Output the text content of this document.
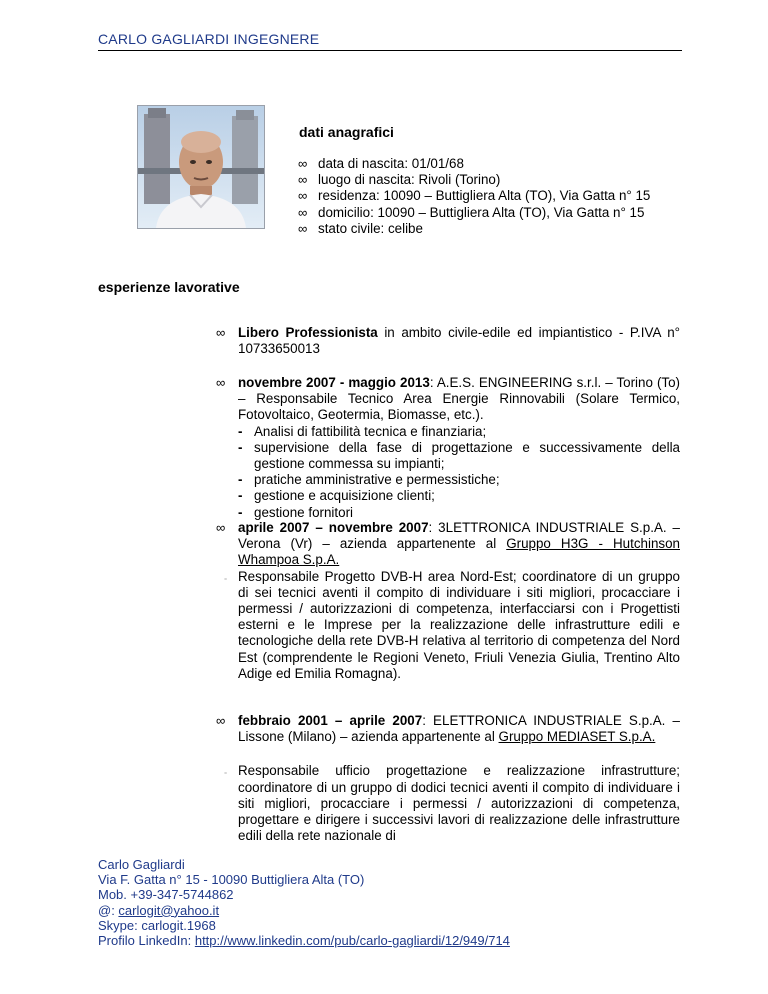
CARLO GAGLIARDI INGEGNERE
dati anagrafici
∞ data di nascita: 01/01/68
∞ luogo di nascita: Rivoli (Torino)
∞ residenza: 10090 – Buttigliera Alta (TO), Via Gatta n° 15
∞ domicilio: 10090 – Buttigliera Alta (TO), Via Gatta n° 15
∞ stato civile: celibe
esperienze lavorative
∞ Libero Professionista in ambito civile-edile ed impiantistico - P.IVA n° 10733650013
∞ novembre 2007 - maggio 2013: A.E.S. ENGINEERING s.r.l. – Torino (To) – Responsabile Tecnico Area Energie Rinnovabili (Solare Termico, Fotovoltaico, Geotermia, Biomasse, etc.).
- Analisi di fattibilità tecnica e finanziaria;
- supervisione della fase di progettazione e successivamente della gestione commessa su impianti;
- pratiche amministrative e permessistiche;
- gestione e acquisizione clienti;
- gestione fornitori
∞ aprile 2007 – novembre 2007: 3LETTRONICA INDUSTRIALE S.p.A. – Verona (Vr) – azienda appartenente al Gruppo H3G - Hutchinson Whampoa S.p.A.
⁼ Responsabile Progetto DVB-H area Nord-Est; coordinatore di un gruppo di sei tecnici aventi il compito di individuare i siti migliori, procacciare i permessi / autorizzazioni di competenza, interfacciarsi con i Progettisti esterni e le Imprese per la realizzazione delle infrastrutture edili e tecnologiche della rete DVB-H relativa al territorio di competenza del Nord Est (comprendente le Regioni Veneto, Friuli Venezia Giulia, Trentino Alto Adige ed Emilia Romagna).
∞ febbraio 2001 – aprile 2007: ELETTRONICA INDUSTRIALE S.p.A. – Lissone (Milano) – azienda appartenente al Gruppo MEDIASET S.p.A.
⁼ Responsabile ufficio progettazione e realizzazione infrastrutture; coordinatore di un gruppo di dodici tecnici aventi il compito di individuare i siti migliori, procacciare i permessi / autorizzazioni di competenza, progettare e dirigere i successivi lavori di realizzazione delle infrastrutture edili della rete nazionale di
Carlo Gagliardi
Via F. Gatta n° 15 - 10090 Buttigliera Alta (TO)
Mob. +39-347-5744862
@: carlogit@yahoo.it
Skype: carlogit.1968
Profilo LinkedIn: http://www.linkedin.com/pub/carlo-gagliardi/12/949/714
